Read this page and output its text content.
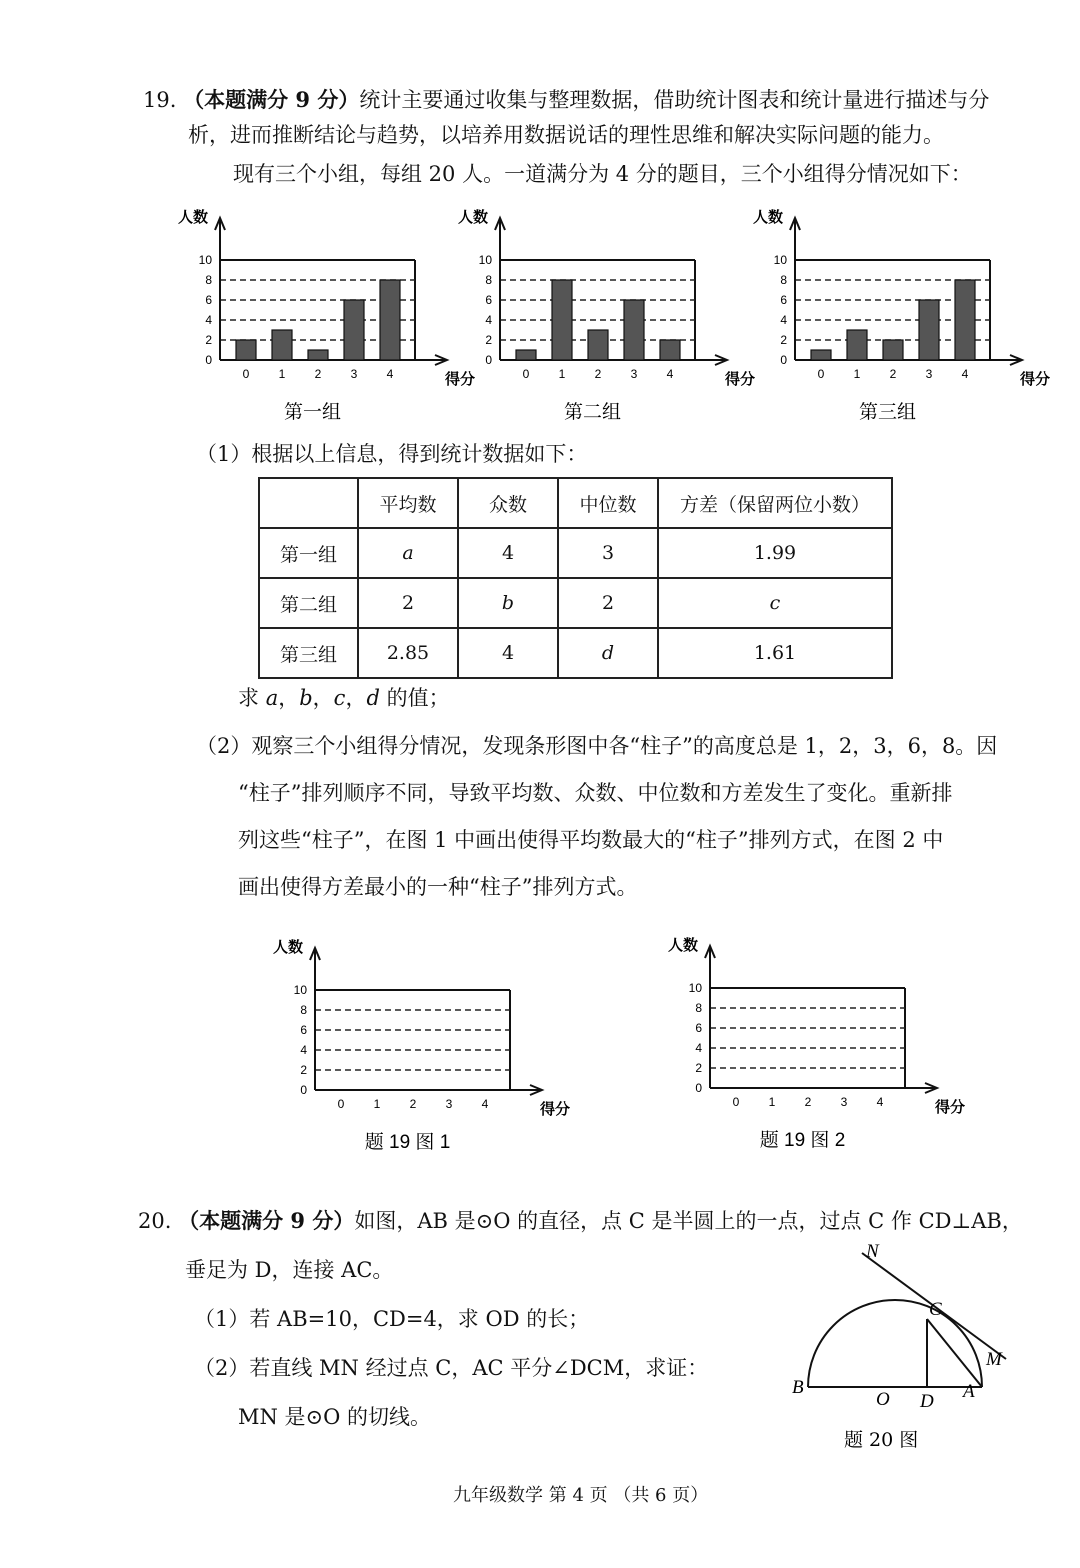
19. （本题满分 9 分）统计主要通过收集与整理数据，借助统计图表和统计量进行描述与分
析，进而推断结论与趋势，以培养用数据说话的理性思维和解决实际问题的能力。
现有三个小组，每组 20 人。一道满分为 4 分的题目，三个小组得分情况如下：
人数
得分
0
2
4
6
8
10
0 1 2 3 4
第一组
人数
得分
0
2
4
6
8
10
0 1 2 3 4
第二组
人数
得分
0
2
4
6
8
10
0 1 2 3 4
第三组
（1）根据以上信息，得到统计数据如下：
	平均数	众数	中位数	方差（保留两位小数）
第一组	a	4	3	1.99
第二组	2	b	2	c
第三组	2.85	4	d	1.61
求 a，b，c，d 的值；
（2）观察三个小组得分情况，发现条形图中各“柱子”的高度总是 1，2，3，6，8。因
“柱子”排列顺序不同，导致平均数、众数、中位数和方差发生了变化。重新排
列这些“柱子”，在图 1 中画出使得平均数最大的“柱子”排列方式，在图 2 中
画出使得方差最小的一种“柱子”排列方式。
人数
得分
0
2
4
6
8
10
0 1 2 3 4
题 19 图 1
人数
得分
0
2
4
6
8
10
0 1 2 3 4
题 19 图 2
20. （本题满分 9 分）如图，AB 是⊙O 的直径，点 C 是半圆上的一点，过点 C 作 CD⊥AB，
垂足为 D，连接 AC。
（1）若 AB=10，CD=4，求 OD 的长；
（2）若直线 MN 经过点 C，AC 平分∠DCM，求证：
MN 是⊙O 的切线。
N
C
M
B
O D A
题 20 图
九年级数学 第 4 页 （共 6 页）
